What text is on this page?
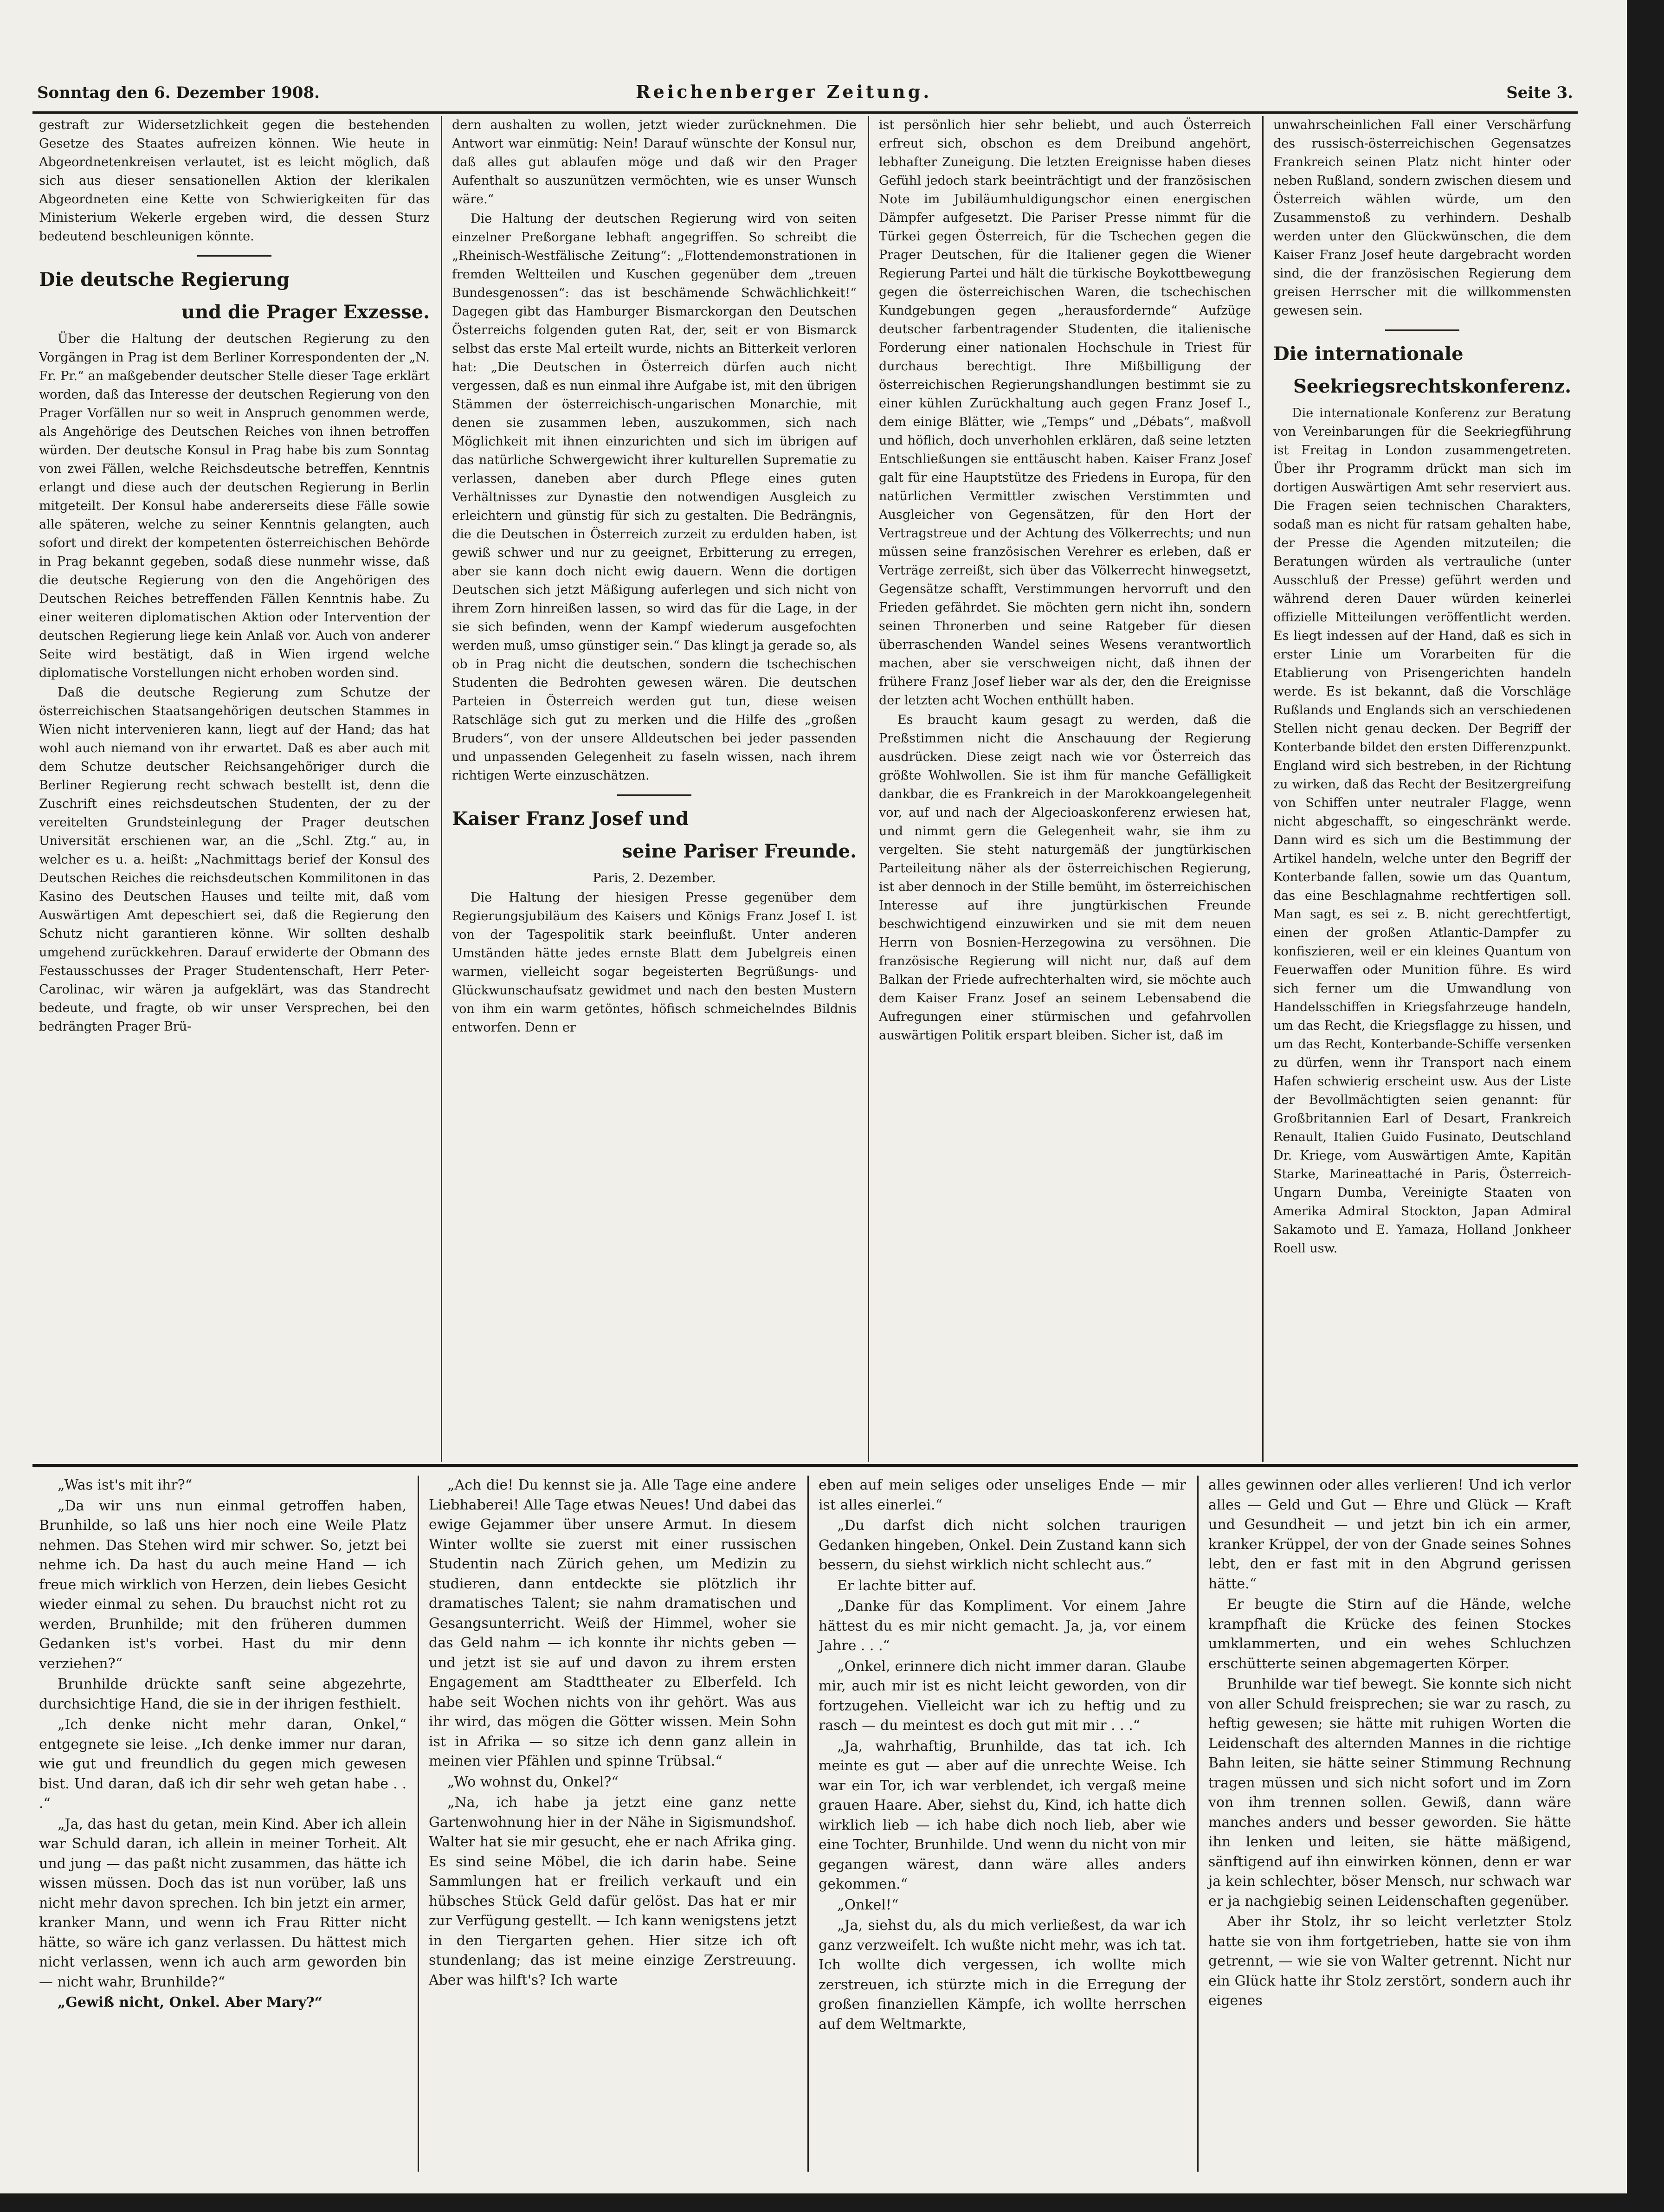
Sonntag den 6. Dezember 1908.	Reichenberger Zeitung.	Seite 3.

gestraft zur Widersetzlichkeit gegen die bestehenden Gesetze des Staates aufreizen können. Wie heute in Abgeordnetenkreisen verlautet, ist es leicht möglich, daß sich aus dieser sensationellen Aktion der klerikalen Abgeordneten eine Kette von Schwierigkeiten für das Ministerium Wekerle ergeben wird, die dessen Sturz bedeutend beschleunigen könnte.

Die deutsche Regierung
und die Prager Exzesse.

Über die Haltung der deutschen Regierung zu den Vorgängen in Prag ist dem Berliner Korrespondenten der „N. Fr. Pr.“ an maßgebender deutscher Stelle dieser Tage erklärt worden, daß das Interesse der deutschen Regierung von den Prager Vorfällen nur so weit in Anspruch genommen werde, als Angehörige des Deutschen Reiches von ihnen betroffen würden. Der deutsche Konsul in Prag habe bis zum Sonntag von zwei Fällen, welche Reichsdeutsche betreffen, Kenntnis erlangt und diese auch der deutschen Regierung in Berlin mitgeteilt. Der Konsul habe andererseits diese Fälle sowie alle späteren, welche zu seiner Kenntnis gelangten, auch sofort und direkt der kompetenten österreichischen Behörde in Prag bekannt gegeben, sodaß diese nunmehr wisse, daß die deutsche Regierung von den die Angehörigen des Deutschen Reiches betreffenden Fällen Kenntnis habe. Zu einer weiteren diplomatischen Aktion oder Intervention der deutschen Regierung liege kein Anlaß vor. Auch von anderer Seite wird bestätigt, daß in Wien irgend welche diplomatische Vorstellungen nicht erhoben worden sind.

Daß die deutsche Regierung zum Schutze der österreichischen Staatsangehörigen deutschen Stammes in Wien nicht intervenieren kann, liegt auf der Hand; das hat wohl auch niemand von ihr erwartet. Daß es aber auch mit dem Schutze deutscher Reichsangehöriger durch die Berliner Regierung recht schwach bestellt ist, denn die Zuschrift eines reichsdeutschen Studenten, der zu der vereitelten Grundsteinlegung der Prager deutschen Universität erschienen war, an die „Schl. Ztg.“ au, in welcher es u. a. heißt: „Nachmittags berief der Konsul des Deutschen Reiches die reichsdeutschen Kommilitonen in das Kasino des Deutschen Hauses und teilte mit, daß vom Auswärtigen Amt depeschiert sei, daß die Regierung den Schutz nicht garantieren könne. Wir sollten deshalb umgehend zurückkehren. Darauf erwiderte der Obmann des Festausschusses der Prager Studentenschaft, Herr Peter-Carolinac, wir wären ja aufgeklärt, was das Standrecht bedeute, und fragte, ob wir unser Versprechen, bei den bedrängten Prager Brü-

dern aushalten zu wollen, jetzt wieder zurücknehmen. Die Antwort war einmütig: Nein! Darauf wünschte der Konsul nur, daß alles gut ablaufen möge und daß wir den Prager Aufenthalt so auszunützen vermöchten, wie es unser Wunsch wäre.“

Die Haltung der deutschen Regierung wird von seiten einzelner Preßorgane lebhaft angegriffen. So schreibt die „Rheinisch-Westfälische Zeitung“: „Flottendemonstrationen in fremden Weltteilen und Kuschen gegenüber dem „treuen Bundesgenossen“: das ist beschämende Schwächlichkeit!“ Dagegen gibt das Hamburger Bismarckorgan den Deutschen Österreichs folgenden guten Rat, der, seit er von Bismarck selbst das erste Mal erteilt wurde, nichts an Bitterkeit verloren hat: „Die Deutschen in Österreich dürfen auch nicht vergessen, daß es nun einmal ihre Aufgabe ist, mit den übrigen Stämmen der österreichisch-ungarischen Monarchie, mit denen sie zusammen leben, auszukommen, sich nach Möglichkeit mit ihnen einzurichten und sich im übrigen auf das natürliche Schwergewicht ihrer kulturellen Suprematie zu verlassen, daneben aber durch Pflege eines guten Verhältnisses zur Dynastie den notwendigen Ausgleich zu erleichtern und günstig für sich zu gestalten. Die Bedrängnis, die die Deutschen in Österreich zurzeit zu erdulden haben, ist gewiß schwer und nur zu geeignet, Erbitterung zu erregen, aber sie kann doch nicht ewig dauern. Wenn die dortigen Deutschen sich jetzt Mäßigung auferlegen und sich nicht von ihrem Zorn hinreißen lassen, so wird das für die Lage, in der sie sich befinden, wenn der Kampf wiederum ausgefochten werden muß, umso günstiger sein.“ Das klingt ja gerade so, als ob in Prag nicht die deutschen, sondern die tschechischen Studenten die Bedrohten gewesen wären. Die deutschen Parteien in Österreich werden gut tun, diese weisen Ratschläge sich gut zu merken und die Hilfe des „großen Bruders“, von der unsere Alldeutschen bei jeder passenden und unpassenden Gelegenheit zu faseln wissen, nach ihrem richtigen Werte einzuschätzen.

Kaiser Franz Josef und
seine Pariser Freunde.

Paris, 2. Dezember.

Die Haltung der hiesigen Presse gegenüber dem Regierungsjubiläum des Kaisers und Königs Franz Josef I. ist von der Tagespolitik stark beeinflußt. Unter anderen Umständen hätte jedes ernste Blatt dem Jubelgreis einen warmen, vielleicht sogar begeisterten Begrüßungs- und Glückwunschaufsatz gewidmet und nach den besten Mustern von ihm ein warm getöntes, höfisch schmeichelndes Bildnis entworfen. Denn er

ist persönlich hier sehr beliebt, und auch Österreich erfreut sich, obschon es dem Dreibund angehört, lebhafter Zuneigung. Die letzten Ereignisse haben dieses Gefühl jedoch stark beeinträchtigt und der französischen Note im Jubiläumhuldigungschor einen energischen Dämpfer aufgesetzt. Die Pariser Presse nimmt für die Türkei gegen Österreich, für die Tschechen gegen die Prager Deutschen, für die Italiener gegen die Wiener Regierung Partei und hält die türkische Boykottbewegung gegen die österreichischen Waren, die tschechischen Kundgebungen gegen „herausfordernde“ Aufzüge deutscher farbentragender Studenten, die italienische Forderung einer nationalen Hochschule in Triest für durchaus berechtigt. Ihre Mißbilligung der österreichischen Regierungshandlungen bestimmt sie zu einer kühlen Zurückhaltung auch gegen Franz Josef I., dem einige Blätter, wie „Temps“ und „Débats“, maßvoll und höflich, doch unverhohlen erklären, daß seine letzten Entschließungen sie enttäuscht haben. Kaiser Franz Josef galt für eine Hauptstütze des Friedens in Europa, für den natürlichen Vermittler zwischen Verstimmten und Ausgleicher von Gegensätzen, für den Hort der Vertragstreue und der Achtung des Völkerrechts; und nun müssen seine französischen Verehrer es erleben, daß er Verträge zerreißt, sich über das Völkerrecht hinwegsetzt, Gegensätze schafft, Verstimmungen hervorruft und den Frieden gefährdet. Sie möchten gern nicht ihn, sondern seinen Thronerben und seine Ratgeber für diesen überraschenden Wandel seines Wesens verantwortlich machen, aber sie verschweigen nicht, daß ihnen der frühere Franz Josef lieber war als der, den die Ereignisse der letzten acht Wochen enthüllt haben.

Es braucht kaum gesagt zu werden, daß die Preßstimmen nicht die Anschauung der Regierung ausdrücken. Diese zeigt nach wie vor Österreich das größte Wohlwollen. Sie ist ihm für manche Gefälligkeit dankbar, die es Frankreich in der Marokkoangelegenheit vor, auf und nach der Algecioaskonferenz erwiesen hat, und nimmt gern die Gelegenheit wahr, sie ihm zu vergelten. Sie steht naturgemäß der jungtürkischen Parteileitung näher als der österreichischen Regierung, ist aber dennoch in der Stille bemüht, im österreichischen Interesse auf ihre jungtürkischen Freunde beschwichtigend einzuwirken und sie mit dem neuen Herrn von Bosnien-Herzegowina zu versöhnen. Die französische Regierung will nicht nur, daß auf dem Balkan der Friede aufrechterhalten wird, sie möchte auch dem Kaiser Franz Josef an seinem Lebensabend die Aufregungen einer stürmischen und gefahrvollen auswärtigen Politik erspart bleiben. Sicher ist, daß im

unwahrscheinlichen Fall einer Verschärfung des russisch-österreichischen Gegensatzes Frankreich seinen Platz nicht hinter oder neben Rußland, sondern zwischen diesem und Österreich wählen würde, um den Zusammenstoß zu verhindern. Deshalb werden unter den Glückwünschen, die dem Kaiser Franz Josef heute dargebracht worden sind, die der französischen Regierung dem greisen Herrscher mit die willkommensten gewesen sein.

Die internationale
Seekriegsrechtskonferenz.

Die internationale Konferenz zur Beratung von Vereinbarungen für die Seekriegführung ist Freitag in London zusammengetreten. Über ihr Programm drückt man sich im dortigen Auswärtigen Amt sehr reserviert aus. Die Fragen seien technischen Charakters, sodaß man es nicht für ratsam gehalten habe, der Presse die Agenden mitzuteilen; die Beratungen würden als vertrauliche (unter Ausschluß der Presse) geführt werden und während deren Dauer würden keinerlei offizielle Mitteilungen veröffentlicht werden. Es liegt indessen auf der Hand, daß es sich in erster Linie um Vorarbeiten für die Etablierung von Prisengerichten handeln werde. Es ist bekannt, daß die Vorschläge Rußlands und Englands sich an verschiedenen Stellen nicht genau decken. Der Begriff der Konterbande bildet den ersten Differenzpunkt. England wird sich bestreben, in der Richtung zu wirken, daß das Recht der Besitzergreifung von Schiffen unter neutraler Flagge, wenn nicht abgeschafft, so eingeschränkt werde. Dann wird es sich um die Bestimmung der Artikel handeln, welche unter den Begriff der Konterbande fallen, sowie um das Quantum, das eine Beschlagnahme rechtfertigen soll. Man sagt, es sei z. B. nicht gerechtfertigt, einen der großen Atlantic-Dampfer zu konfiszieren, weil er ein kleines Quantum von Feuerwaffen oder Munition führe. Es wird sich ferner um die Umwandlung von Handelsschiffen in Kriegsfahrzeuge handeln, um das Recht, die Kriegsflagge zu hissen, und um das Recht, Konterbande-Schiffe versenken zu dürfen, wenn ihr Transport nach einem Hafen schwierig erscheint usw. Aus der Liste der Bevollmächtigten seien genannt: für Großbritannien Earl of Desart, Frankreich Renault, Italien Guido Fusinato, Deutschland Dr. Kriege, vom Auswärtigen Amte, Kapitän Starke, Marineattaché in Paris, Österreich-Ungarn Dumba, Vereinigte Staaten von Amerika Admiral Stockton, Japan Admiral Sakamoto und E. Yamaza, Holland Jonkheer Roell usw.

„Was ist's mit ihr?“

„Da wir uns nun einmal getroffen haben, Brunhilde, so laß uns hier noch eine Weile Platz nehmen. Das Stehen wird mir schwer. So, jetzt bei nehme ich. Da hast du auch meine Hand — ich freue mich wirklich von Herzen, dein liebes Gesicht wieder einmal zu sehen. Du brauchst nicht rot zu werden, Brunhilde; mit den früheren dummen Gedanken ist's vorbei. Hast du mir denn verziehen?“

Brunhilde drückte sanft seine abgezehrte, durchsichtige Hand, die sie in der ihrigen festhielt.

„Ich denke nicht mehr daran, Onkel,“ entgegnete sie leise. „Ich denke immer nur daran, wie gut und freundlich du gegen mich gewesen bist. Und daran, daß ich dir sehr weh getan habe . . .“

„Ja, das hast du getan, mein Kind. Aber ich allein war Schuld daran, ich allein in meiner Torheit. Alt und jung — das paßt nicht zusammen, das hätte ich wissen müssen. Doch das ist nun vorüber, laß uns nicht mehr davon sprechen. Ich bin jetzt ein armer, kranker Mann, und wenn ich Frau Ritter nicht hätte, so wäre ich ganz verlassen. Du hättest mich nicht verlassen, wenn ich auch arm geworden bin — nicht wahr, Brunhilde?“

„Gewiß nicht, Onkel. Aber Mary?“

„Ach die! Du kennst sie ja. Alle Tage eine andere Liebhaberei! Alle Tage etwas Neues! Und dabei das ewige Gejammer über unsere Armut. In diesem Winter wollte sie zuerst mit einer russischen Studentin nach Zürich gehen, um Medizin zu studieren, dann entdeckte sie plötzlich ihr dramatisches Talent; sie nahm dramatischen und Gesangsunterricht. Weiß der Himmel, woher sie das Geld nahm — ich konnte ihr nichts geben — und jetzt ist sie auf und davon zu ihrem ersten Engagement am Stadttheater zu Elberfeld. Ich habe seit Wochen nichts von ihr gehört. Was aus ihr wird, das mögen die Götter wissen. Mein Sohn ist in Afrika — so sitze ich denn ganz allein in meinen vier Pfählen und spinne Trübsal.“

„Wo wohnst du, Onkel?“

„Na, ich habe ja jetzt eine ganz nette Gartenwohnung hier in der Nähe in Sigismundshof. Walter hat sie mir gesucht, ehe er nach Afrika ging. Es sind seine Möbel, die ich darin habe. Seine Sammlungen hat er freilich verkauft und ein hübsches Stück Geld dafür gelöst. Das hat er mir zur Verfügung gestellt. — Ich kann wenigstens jetzt in den Tiergarten gehen. Hier sitze ich oft stundenlang; das ist meine einzige Zerstreuung. Aber was hilft's? Ich warte

eben auf mein seliges oder unseliges Ende — mir ist alles einerlei.“

„Du darfst dich nicht solchen traurigen Gedanken hingeben, Onkel. Dein Zustand kann sich bessern, du siehst wirklich nicht schlecht aus.“

Er lachte bitter auf.

„Danke für das Kompliment. Vor einem Jahre hättest du es mir nicht gemacht. Ja, ja, vor einem Jahre . . .“

„Onkel, erinnere dich nicht immer daran. Glaube mir, auch mir ist es nicht leicht geworden, von dir fortzugehen. Vielleicht war ich zu heftig und zu rasch — du meintest es doch gut mit mir . . .“

„Ja, wahrhaftig, Brunhilde, das tat ich. Ich meinte es gut — aber auf die unrechte Weise. Ich war ein Tor, ich war verblendet, ich vergaß meine grauen Haare. Aber, siehst du, Kind, ich hatte dich wirklich lieb — ich habe dich noch lieb, aber wie eine Tochter, Brunhilde. Und wenn du nicht von mir gegangen wärest, dann wäre alles anders gekommen.“

„Onkel!“

„Ja, siehst du, als du mich verließest, da war ich ganz verzweifelt. Ich wußte nicht mehr, was ich tat. Ich wollte dich vergessen, ich wollte mich zerstreuen, ich stürzte mich in die Erregung der großen finanziellen Kämpfe, ich wollte herrschen auf dem Weltmarkte,

alles gewinnen oder alles verlieren! Und ich verlor alles — Geld und Gut — Ehre und Glück — Kraft und Gesundheit — und jetzt bin ich ein armer, kranker Krüppel, der von der Gnade seines Sohnes lebt, den er fast mit in den Abgrund gerissen hätte.“

Er beugte die Stirn auf die Hände, welche krampfhaft die Krücke des feinen Stockes umklammerten, und ein wehes Schluchzen erschütterte seinen abgemagerten Körper.

Brunhilde war tief bewegt. Sie konnte sich nicht von aller Schuld freisprechen; sie war zu rasch, zu heftig gewesen; sie hätte mit ruhigen Worten die Leidenschaft des alternden Mannes in die richtige Bahn leiten, sie hätte seiner Stimmung Rechnung tragen müssen und sich nicht sofort und im Zorn von ihm trennen sollen. Gewiß, dann wäre manches anders und besser geworden. Sie hätte ihn lenken und leiten, sie hätte mäßigend, sänftigend auf ihn einwirken können, denn er war ja kein schlechter, böser Mensch, nur schwach war er ja nachgiebig seinen Leidenschaften gegenüber.

Aber ihr Stolz, ihr so leicht verletzter Stolz hatte sie von ihm fortgetrieben, hatte sie von ihm getrennt, — wie sie von Walter getrennt. Nicht nur ein Glück hatte ihr Stolz zerstört, sondern auch ihr eigenes
